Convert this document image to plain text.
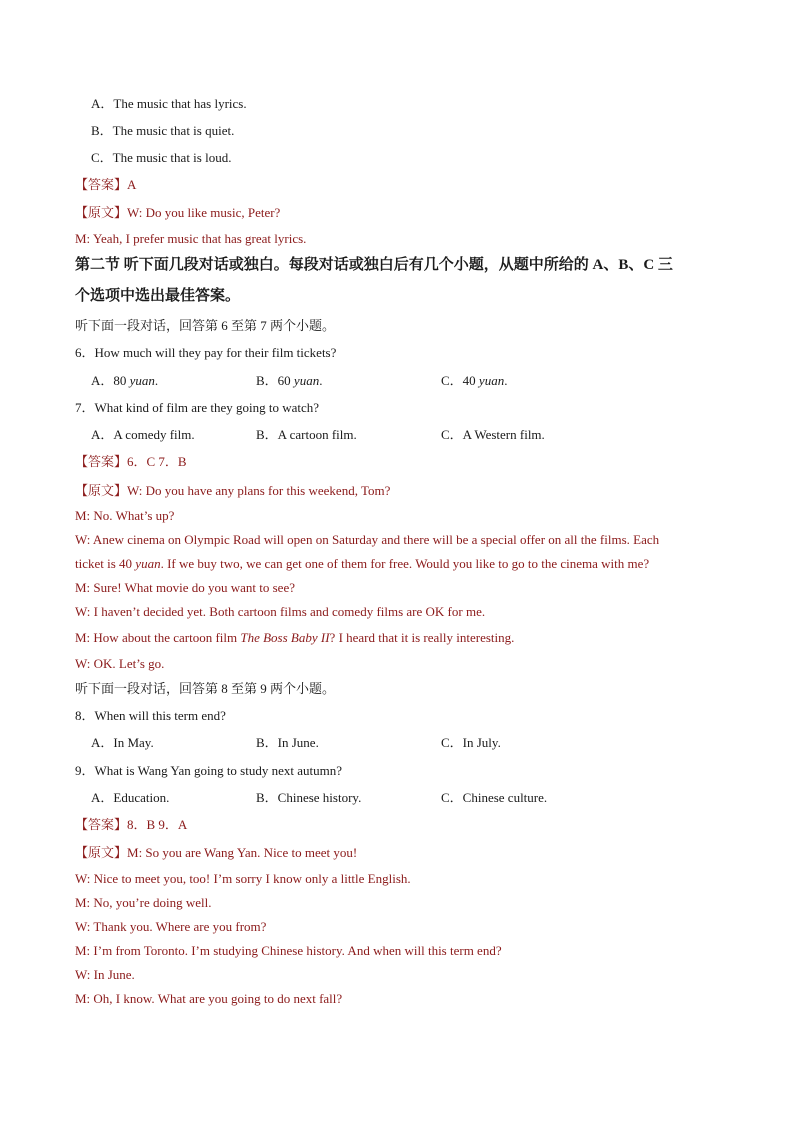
A．The music that has lyrics.
B．The music that is quiet.
C．The music that is loud.
【答案】A
【原文】W: Do you like music, Peter?
M: Yeah, I prefer music that has great lyrics.
第二节 听下面几段对话或独白。每段对话或独白后有几个小题，从题中所给的 A、B、C 三
个选项中选出最佳答案。
听下面一段对话，回答第 6 至第 7 两个小题。
6．How much will they pay for their film tickets?
A．80 yuan.	B．60 yuan.	C．40 yuan.
7．What kind of film are they going to watch?
A．A comedy film.	B．A cartoon film.	C．A Western film.
【答案】6．C 7．B
【原文】W: Do you have any plans for this weekend, Tom?
M: No. What’s up?
W: Anew cinema on Olympic Road will open on Saturday and there will be a special offer on all the films. Each
ticket is 40 yuan. If we buy two, we can get one of them for free. Would you like to go to the cinema with me?
M: Sure! What movie do you want to see?
W: I haven’t decided yet. Both cartoon films and comedy films are OK for me.
M: How about the cartoon film The Boss Baby II? I heard that it is really interesting.
W: OK. Let’s go.
听下面一段对话，回答第 8 至第 9 两个小题。
8．When will this term end?
A．In May.	B．In June.	C．In July.
9．What is Wang Yan going to study next autumn?
A．Education.	B．Chinese history.	C．Chinese culture.
【答案】8．B 9．A
【原文】M: So you are Wang Yan. Nice to meet you!
W: Nice to meet you, too! I’m sorry I know only a little English.
M: No, you’re doing well.
W: Thank you. Where are you from?
M: I’m from Toronto. I’m studying Chinese history. And when will this term end?
W: In June.
M: Oh, I know. What are you going to do next fall?
